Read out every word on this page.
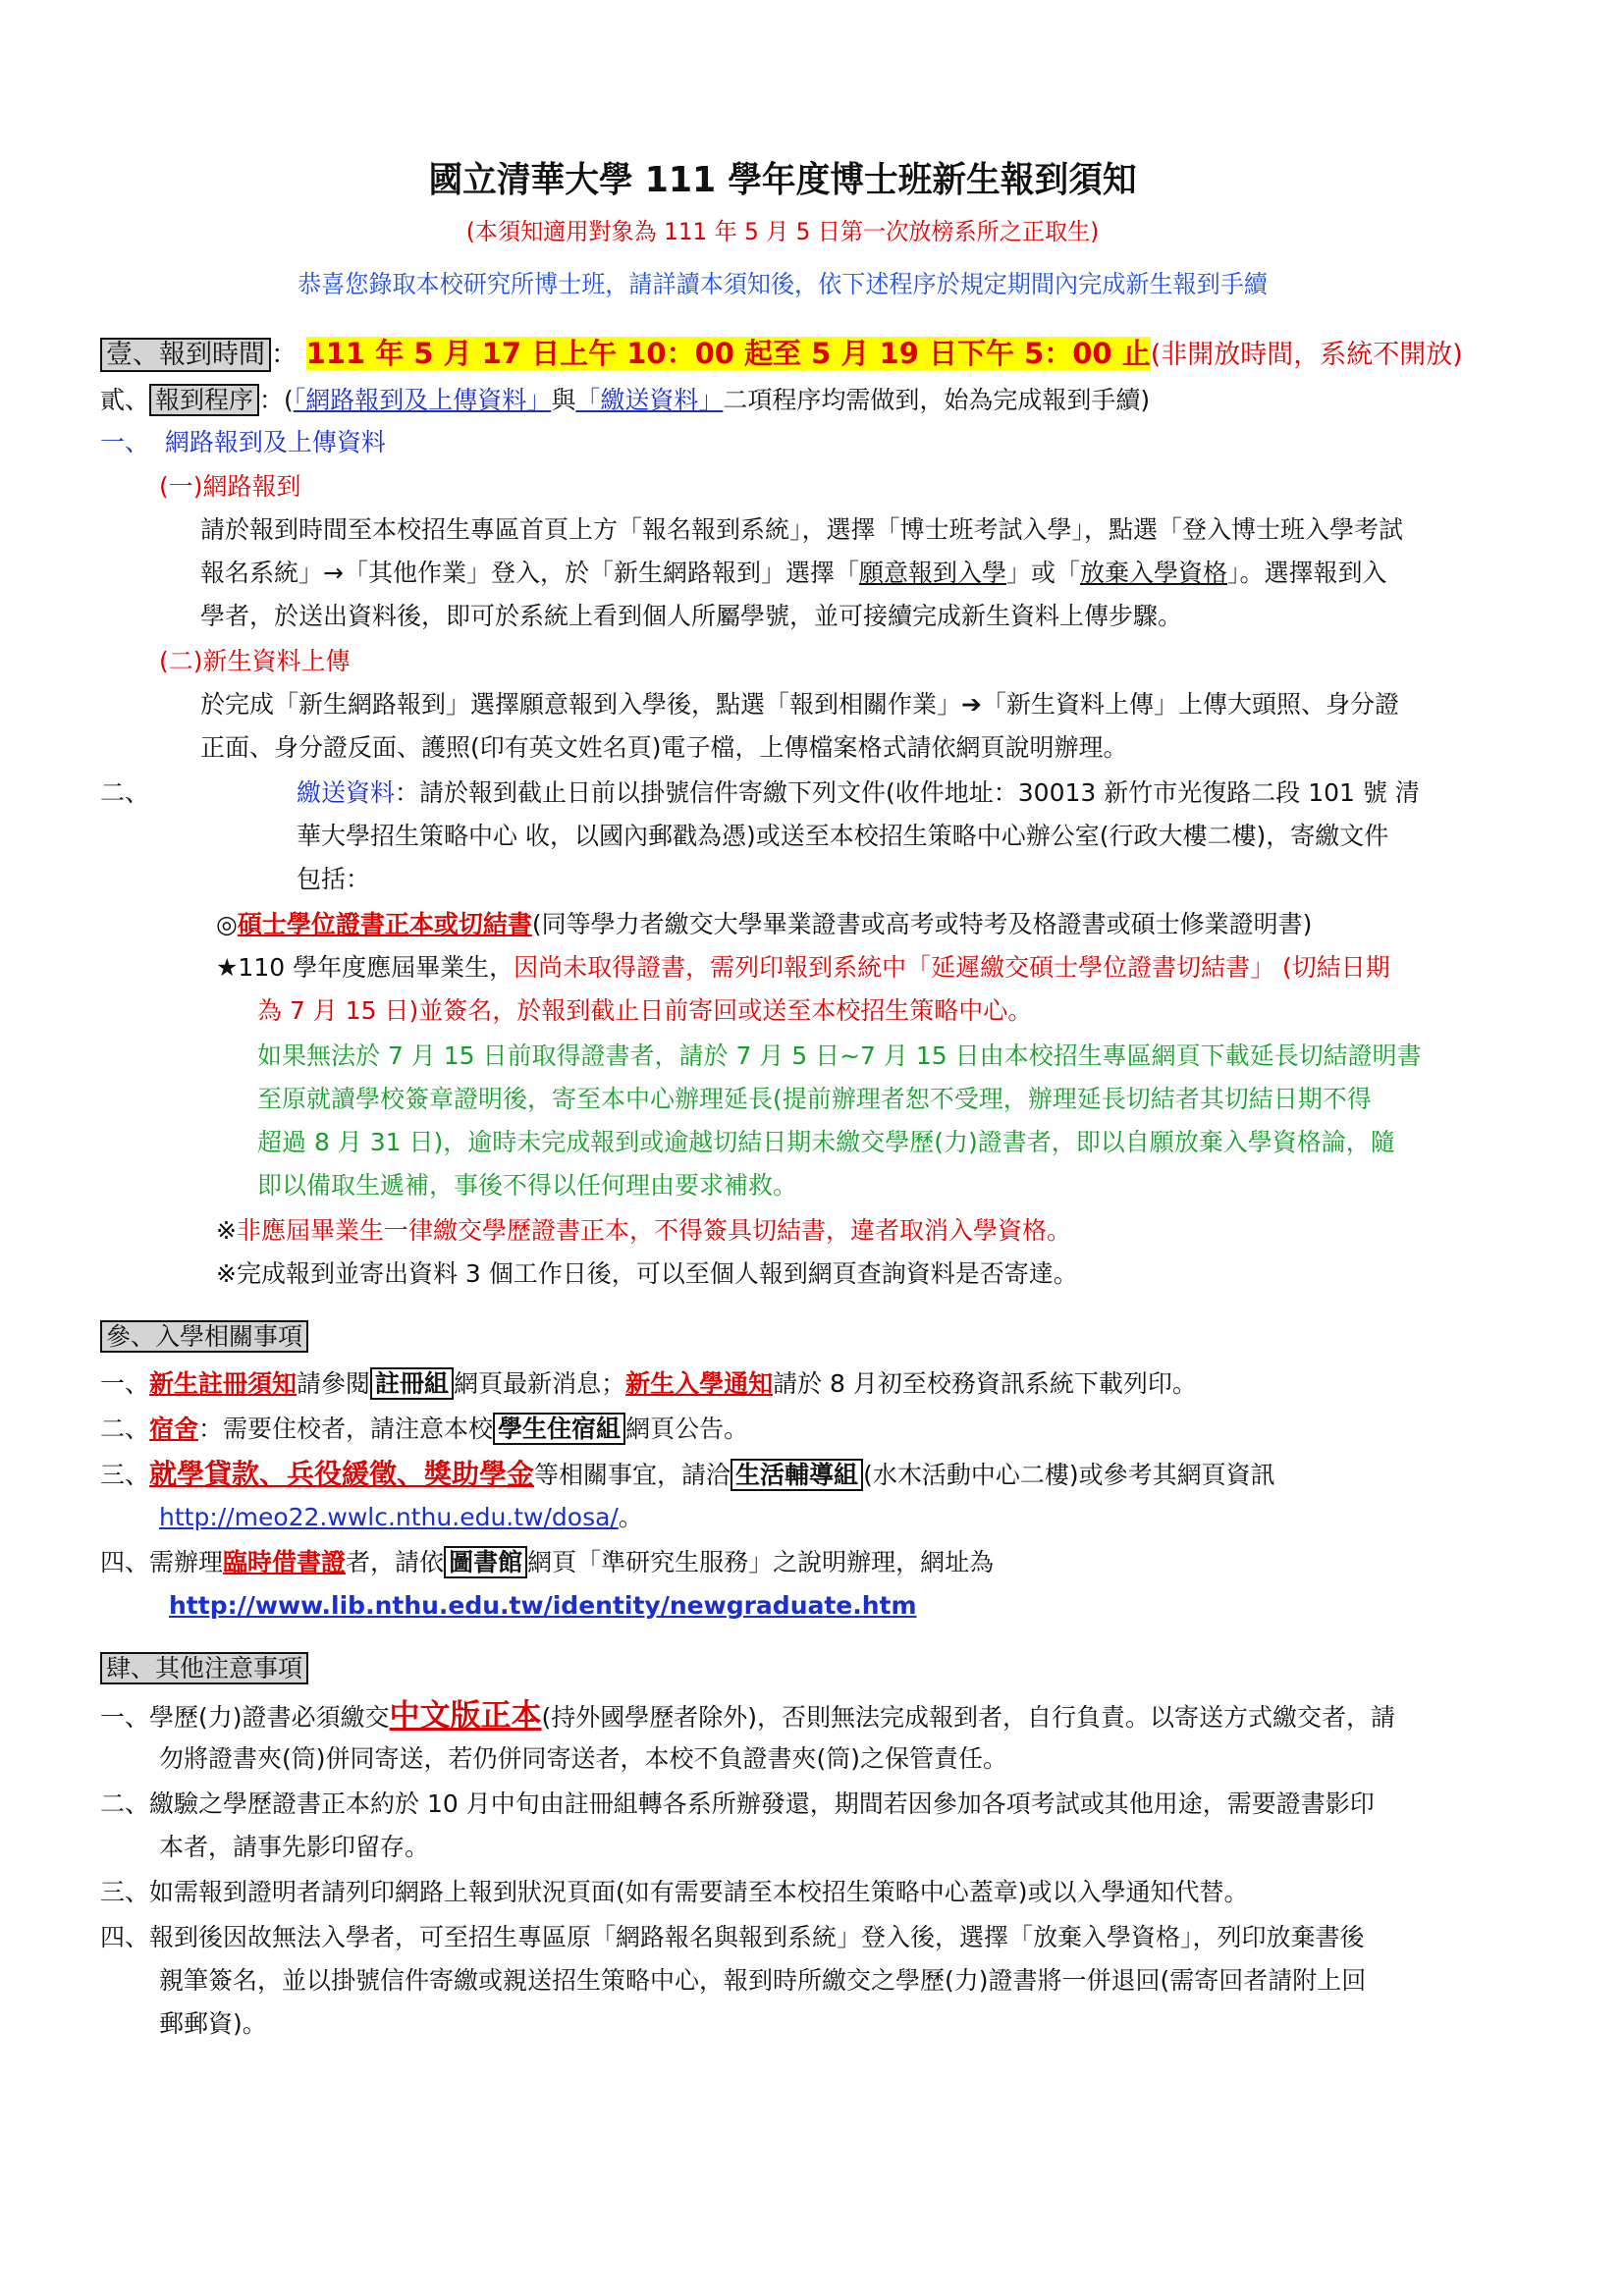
國立清華大學 111 學年度博士班新生報到須知
(本須知適用對象為 111 年 5 月 5 日第一次放榜系所之正取生)
恭喜您錄取本校研究所博士班，請詳讀本須知後，依下述程序於規定期間內完成新生報到手續
壹、報到時間 ： 111 年 5 月 17 日上午 10：00 起至 5 月 19 日下午 5：00 止(非開放時間，系統不開放)
貳、 報到程序 ：(「網路報到及上傳資料」與「繳送資料」二項程序均需做到，始為完成報到手續)
一、 網路報到及上傳資料
(一)網路報到
請於報到時間至本校招生專區首頁上方「報名報到系統」，選擇「博士班考試入學」，點選「登入博士班入學考試
報名系統」→「其他作業」登入，於「新生網路報到」選擇「願意報到入學」或「放棄入學資格」。選擇報到入
學者，於送出資料後，即可於系統上看到個人所屬學號，並可接續完成新生資料上傳步驟。
(二)新生資料上傳
於完成「新生網路報到」選擇願意報到入學後，點選「報到相關作業」➔「新生資料上傳」上傳大頭照、身分證
正面、身分證反面、護照(印有英文姓名頁)電子檔，上傳檔案格式請依網頁說明辦理。
二、	繳送資料：請於報到截止日前以掛號信件寄繳下列文件(收件地址：30013 新竹市光復路二段 101 號 清
華大學招生策略中心 收，以國內郵戳為憑)或送至本校招生策略中心辦公室(行政大樓二樓)，寄繳文件
包括：
◎碩士學位證書正本或切結書(同等學力者繳交大學畢業證書或高考或特考及格證書或碩士修業證明書)
★110 學年度應屆畢業生，因尚未取得證書，需列印報到系統中「延遲繳交碩士學位證書切結書」 (切結日期
為 7 月 15 日)並簽名，於報到截止日前寄回或送至本校招生策略中心。
如果無法於 7 月 15 日前取得證書者，請於 7 月 5 日~7 月 15 日由本校招生專區網頁下載延長切結證明書
至原就讀學校簽章證明後，寄至本中心辦理延長(提前辦理者恕不受理，辦理延長切結者其切結日期不得
超過 8 月 31 日)，逾時未完成報到或逾越切結日期未繳交學歷(力)證書者，即以自願放棄入學資格論，隨
即以備取生遞補，事後不得以任何理由要求補救。
※非應屆畢業生一律繳交學歷證書正本，不得簽具切結書，違者取消入學資格。
※完成報到並寄出資料 3 個工作日後，可以至個人報到網頁查詢資料是否寄達。
參、入學相關事項
一、新生註冊須知請參閱 註冊組 網頁最新消息；新生入學通知請於 8 月初至校務資訊系統下載列印。
二、宿舍：需要住校者，請注意本校 學生住宿組 網頁公告。
三、就學貸款、兵役緩徵、獎助學金等相關事宜，請洽 生活輔導組 (水木活動中心二樓)或參考其網頁資訊
http://meo22.wwlc.nthu.edu.tw/dosa/。
四、需辦理臨時借書證者，請依 圖書館 網頁「準研究生服務」之說明辦理，網址為
http://www.lib.nthu.edu.tw/identity/newgraduate.htm
肆、其他注意事項
一、學歷(力)證書必須繳交中文版正本(持外國學歷者除外)，否則無法完成報到者，自行負責。以寄送方式繳交者，請
勿將證書夾(筒)併同寄送，若仍併同寄送者，本校不負證書夾(筒)之保管責任。
二、繳驗之學歷證書正本約於 10 月中旬由註冊組轉各系所辦發還，期間若因參加各項考試或其他用途，需要證書影印
本者，請事先影印留存。
三、如需報到證明者請列印網路上報到狀況頁面(如有需要請至本校招生策略中心蓋章)或以入學通知代替。
四、報到後因故無法入學者，可至招生專區原「網路報名與報到系統」登入後，選擇「放棄入學資格」，列印放棄書後
親筆簽名，並以掛號信件寄繳或親送招生策略中心，報到時所繳交之學歷(力)證書將一併退回(需寄回者請附上回
郵郵資)。
